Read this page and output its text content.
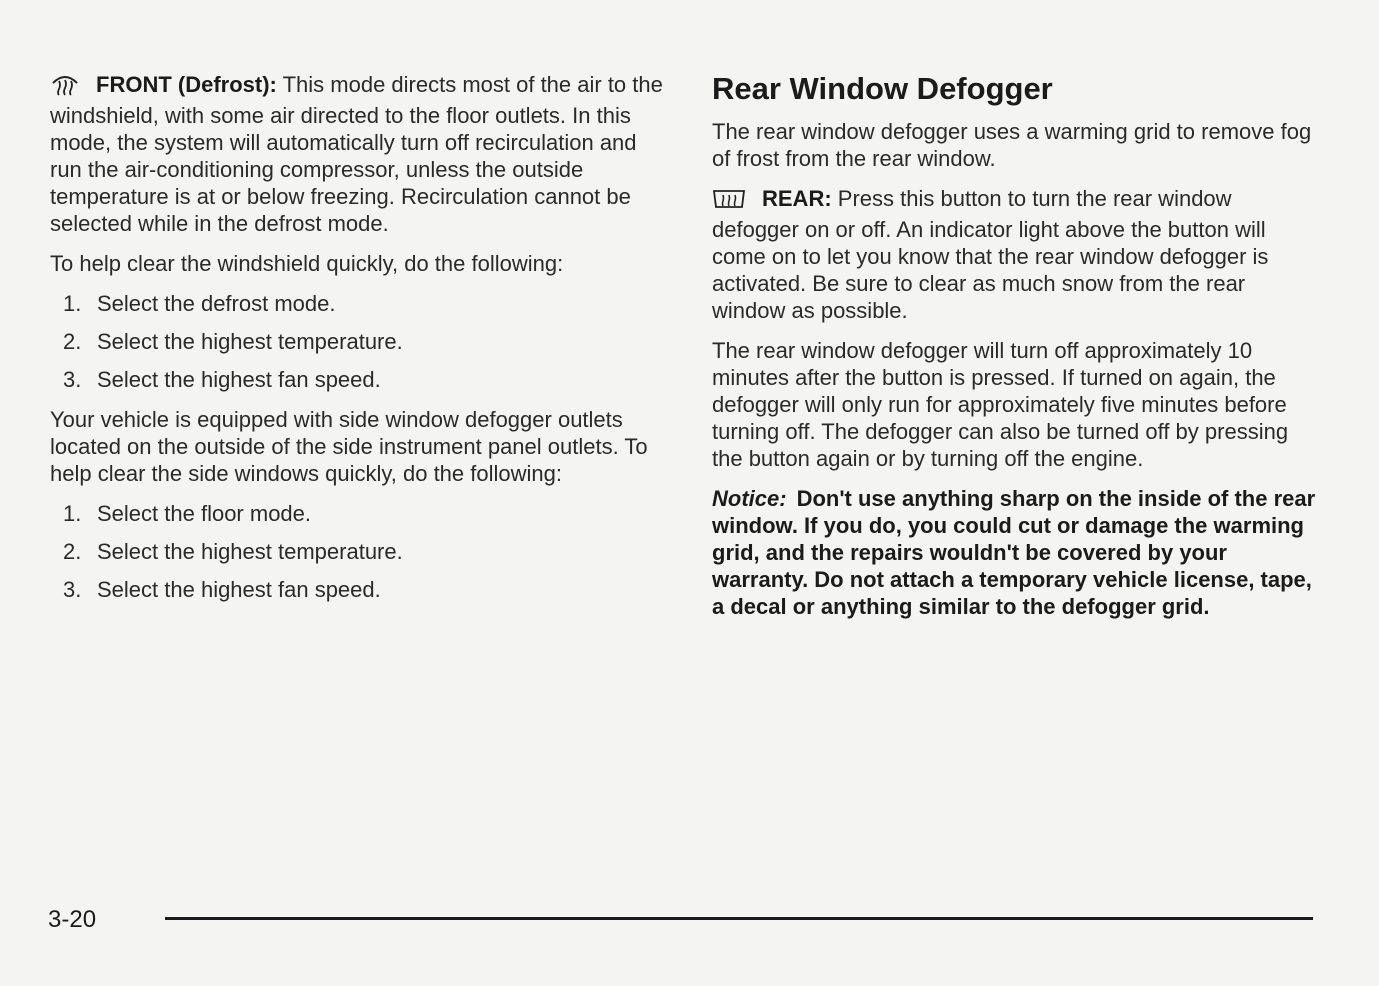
FRONT (Defrost): This mode directs most of the air to the windshield, with some air directed to the floor outlets. In this mode, the system will automatically turn off recirculation and run the air-conditioning compressor, unless the outside temperature is at or below freezing. Recirculation cannot be selected while in the defrost mode.

To help clear the windshield quickly, do the following:

1. Select the defrost mode.
2. Select the highest temperature.
3. Select the highest fan speed.

Your vehicle is equipped with side window defogger outlets located on the outside of the side instrument panel outlets. To help clear the side windows quickly, do the following:

1. Select the floor mode.
2. Select the highest temperature.
3. Select the highest fan speed.
Rear Window Defogger

The rear window defogger uses a warming grid to remove fog of frost from the rear window.

REAR: Press this button to turn the rear window defogger on or off. An indicator light above the button will come on to let you know that the rear window defogger is activated. Be sure to clear as much snow from the rear window as possible.

The rear window defogger will turn off approximately 10 minutes after the button is pressed. If turned on again, the defogger will only run for approximately five minutes before turning off. The defogger can also be turned off by pressing the button again or by turning off the engine.

Notice: Don't use anything sharp on the inside of the rear window. If you do, you could cut or damage the warming grid, and the repairs wouldn't be covered by your warranty. Do not attach a temporary vehicle license, tape, a decal or anything similar to the defogger grid.

3-20
